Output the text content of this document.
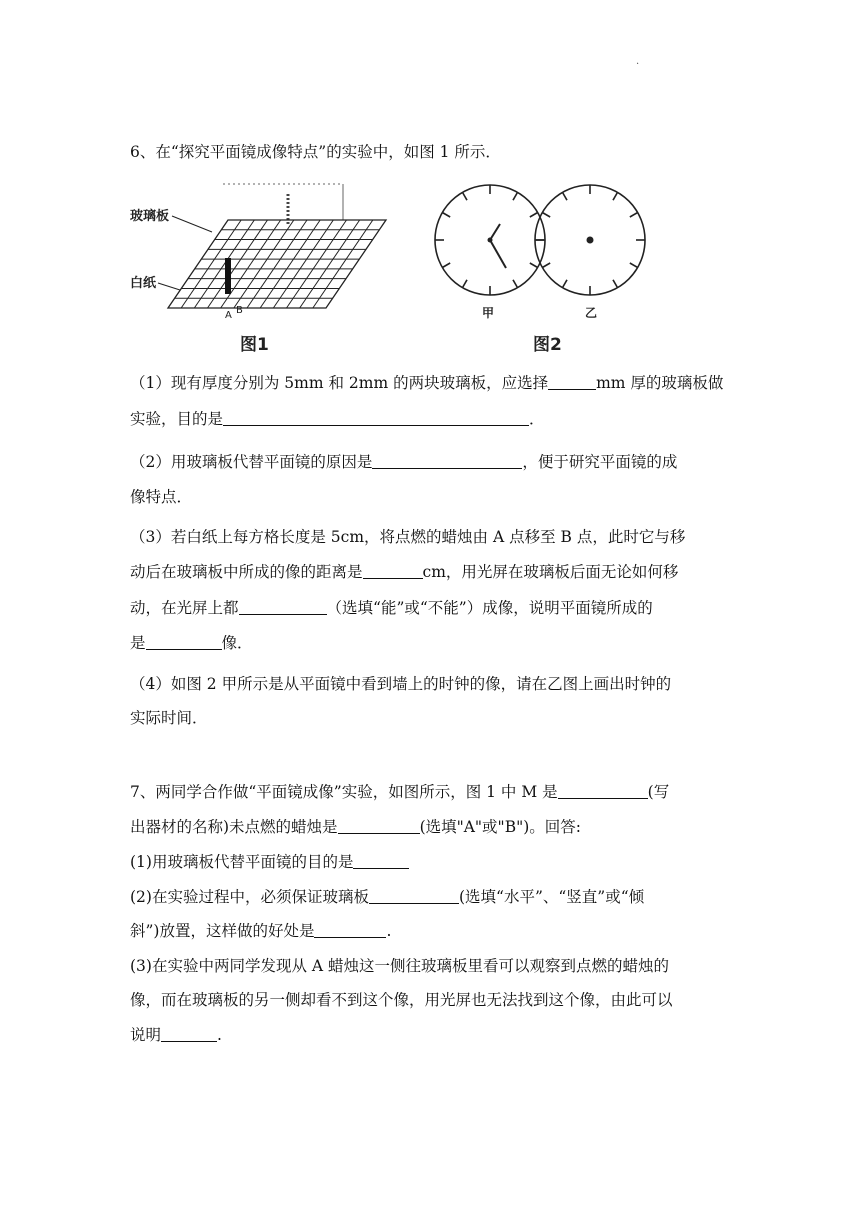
.
6、在“探究平面镜成像特点”的实验中，如图 1 所示．
玻璃板
白纸
A B
图1
甲	乙
图2
（1）现有厚度分别为 5mm 和 2mm 的两块玻璃板，应选择	mm 厚的玻璃板做
实验，目的是	．
（2）用玻璃板代替平面镜的原因是	，便于研究平面镜的成
像特点．
（3）若白纸上每方格长度是 5cm，将点燃的蜡烛由 A 点移至 B 点，此时它与移
动后在玻璃板中所成的像的距离是	cm，用光屏在玻璃板后面无论如何移
动，在光屏上都	（选填“能”或“不能”）成像，说明平面镜所成的
是	像．
（4）如图 2 甲所示是从平面镜中看到墙上的时钟的像，请在乙图上画出时钟的
实际时间．
7、两同学合作做“平面镜成像”实验，如图所示，图 1 中 M 是	(写
出器材的名称)未点燃的蜡烛是	(选填"A"或"B")。回答:
(1)用玻璃板代替平面镜的目的是
(2)在实验过程中，必须保证玻璃板	(选填“水平”、“竖直”或“倾
斜”)放置，这样做的好处是	.
(3)在实验中两同学发现从 A 蜡烛这一侧往玻璃板里看可以观察到点燃的蜡烛的
像，而在玻璃板的另一侧却看不到这个像，用光屏也无法找到这个像，由此可以
说明	.
